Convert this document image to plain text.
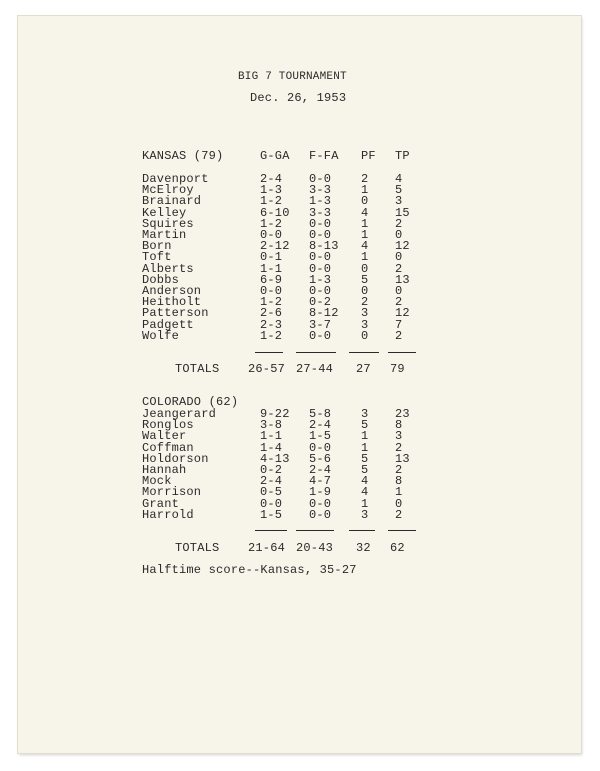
BIG 7 TOURNAMENT
Dec. 26, 1953
KANSAS (79)	G-GA F-FA PF TP
Davenport	2-4 0-0 2 4
McElroy	1-3 3-3 1 5
Brainard	1-2 1-3 0 3
Kelley	6-10 3-3 4 15
Squires	1-2 0-0 1 2
Martin	0-0 0-0 1 0
Born	2-12 8-13 4 12
Toft	0-1 0-0 1 0
Alberts	1-1 0-0 0 2
Dobbs	6-9 1-3 5 13
Anderson	0-0 0-0 0 0
Heitholt	1-2 0-2 2 2
Patterson	2-6 8-12 3 12
Padgett	2-3 3-7 3 7
Wolfe	1-2 0-0 0 2
TOTALS 26-57 27-44 27 79
COLORADO (62)
Jeangerard	9-22 5-8 3 23
Ronglos	3-8 2-4 5 8
Walter	1-1 1-5 1 3
Coffman	1-4 0-0 1 2
Holdorson	4-13 5-6 5 13
Hannah	0-2 2-4 5 2
Mock	2-4 4-7 4 8
Morrison	0-5 1-9 4 1
Grant	0-0 0-0 1 0
Harrold	1-5 0-0 3 2
TOTALS 21-64 20-43 32 62
Halftime score--Kansas, 35-27
